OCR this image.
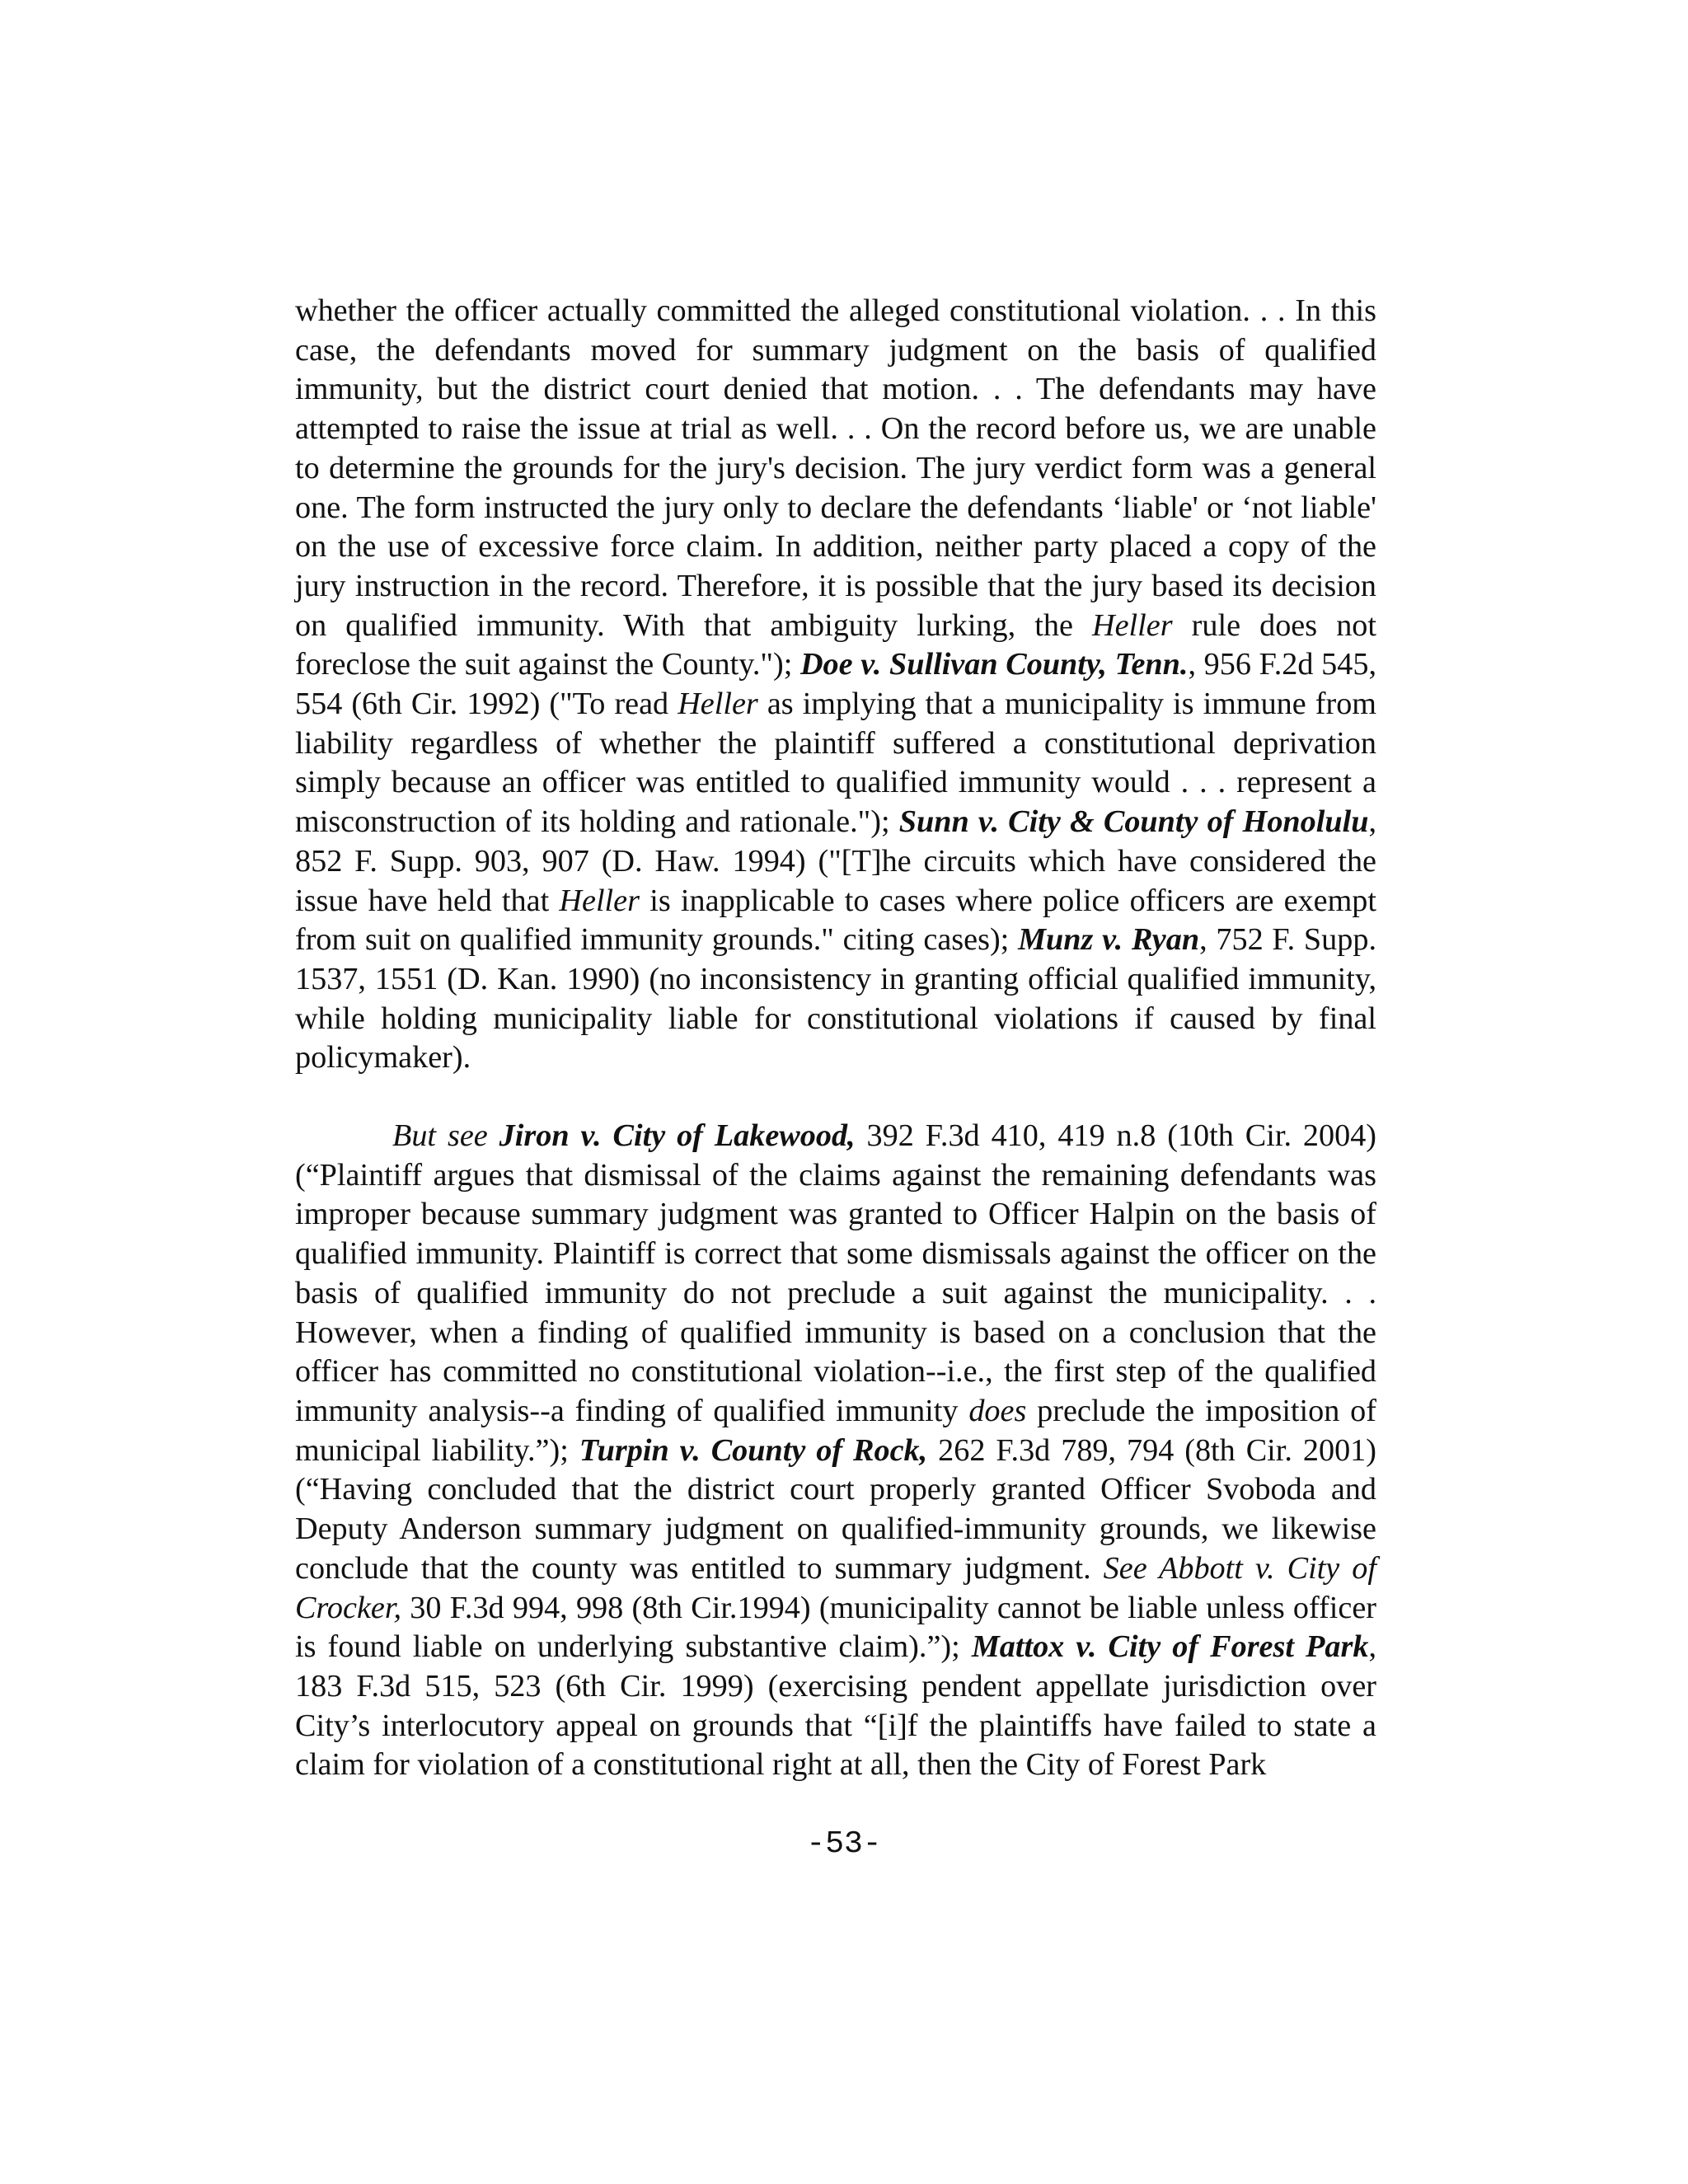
whether the officer actually committed the alleged constitutional violation. . . In this case, the defendants moved for summary judgment on the basis of qualified immunity, but the district court denied that motion. . . The defendants may have attempted to raise the issue at trial as well. . . On the record before us, we are unable to determine the grounds for the jury's decision. The jury verdict form was a general one. The form instructed the jury only to declare the defendants ‘liable' or ‘not liable' on the use of excessive force claim. In addition, neither party placed a copy of the jury instruction in the record. Therefore, it is possible that the jury based its decision on qualified immunity. With that ambiguity lurking, the Heller rule does not foreclose the suit against the County."); Doe v. Sullivan County, Tenn., 956 F.2d 545, 554 (6th Cir. 1992) ("To read Heller as implying that a municipality is immune from liability regardless of whether the plaintiff suffered a constitutional deprivation simply because an officer was entitled to qualified immunity would . . . represent a misconstruction of its holding and rationale."); Sunn v. City & County of Honolulu, 852 F. Supp. 903, 907 (D. Haw. 1994) ("[T]he circuits which have considered the issue have held that Heller is inapplicable to cases where police officers are exempt from suit on qualified immunity grounds." citing cases); Munz v. Ryan, 752 F. Supp. 1537, 1551 (D. Kan. 1990) (no inconsistency in granting official qualified immunity, while holding municipality liable for constitutional violations if caused by final policymaker).

But see Jiron v. City of Lakewood, 392 F.3d 410, 419 n.8 (10th Cir. 2004) (“Plaintiff argues that dismissal of the claims against the remaining defendants was improper because summary judgment was granted to Officer Halpin on the basis of qualified immunity. Plaintiff is correct that some dismissals against the officer on the basis of qualified immunity do not preclude a suit against the municipality. . . However, when a finding of qualified immunity is based on a conclusion that the officer has committed no constitutional violation--i.e., the first step of the qualified immunity analysis--a finding of qualified immunity does preclude the imposition of municipal liability.”); Turpin v. County of Rock, 262 F.3d 789, 794 (8th Cir. 2001) (“Having concluded that the district court properly granted Officer Svoboda and Deputy Anderson summary judgment on qualified-immunity grounds, we likewise conclude that the county was entitled to summary judgment. See Abbott v. City of Crocker, 30 F.3d 994, 998 (8th Cir.1994) (municipality cannot be liable unless officer is found liable on underlying substantive claim).”); Mattox v. City of Forest Park, 183 F.3d 515, 523 (6th Cir. 1999) (exercising pendent appellate jurisdiction over City’s interlocutory appeal on grounds that “[i]f the plaintiffs have failed to state a claim for violation of a constitutional right at all, then the City of Forest Park

-53-
